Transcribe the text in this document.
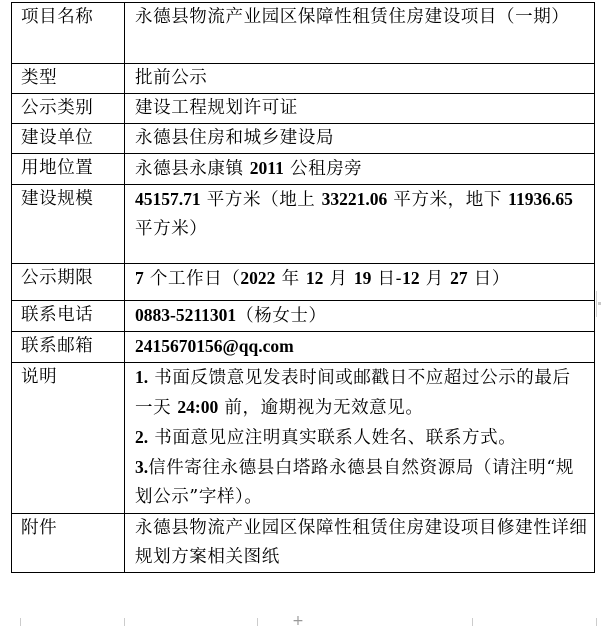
项目名称	永德县物流产业园区保障性租赁住房建设项目（一期）
类型	批前公示
公示类别	建设工程规划许可证
建设单位	永德县住房和城乡建设局
用地位置	永德县永康镇 2011 公租房旁
建设规模	45157.71 平方米（地上 33221.06 平方米，地下 11936.65 平方米）
公示期限	7 个工作日（2022 年 12 月 19 日-12 月 27 日）
联系电话	0883-5211301（杨女士）
联系邮箱	2415670156@qq.com
说明	1. 书面反馈意见发表时间或邮戳日不应超过公示的最后一天 24:00 前，逾期视为无效意见。
2. 书面意见应注明真实联系人姓名、联系方式。
3.信件寄往永德县白塔路永德县自然资源局（请注明“规划公示”字样）。
附件	永德县物流产业园区保障性租赁住房建设项目修建性详细规划方案相关图纸
+
